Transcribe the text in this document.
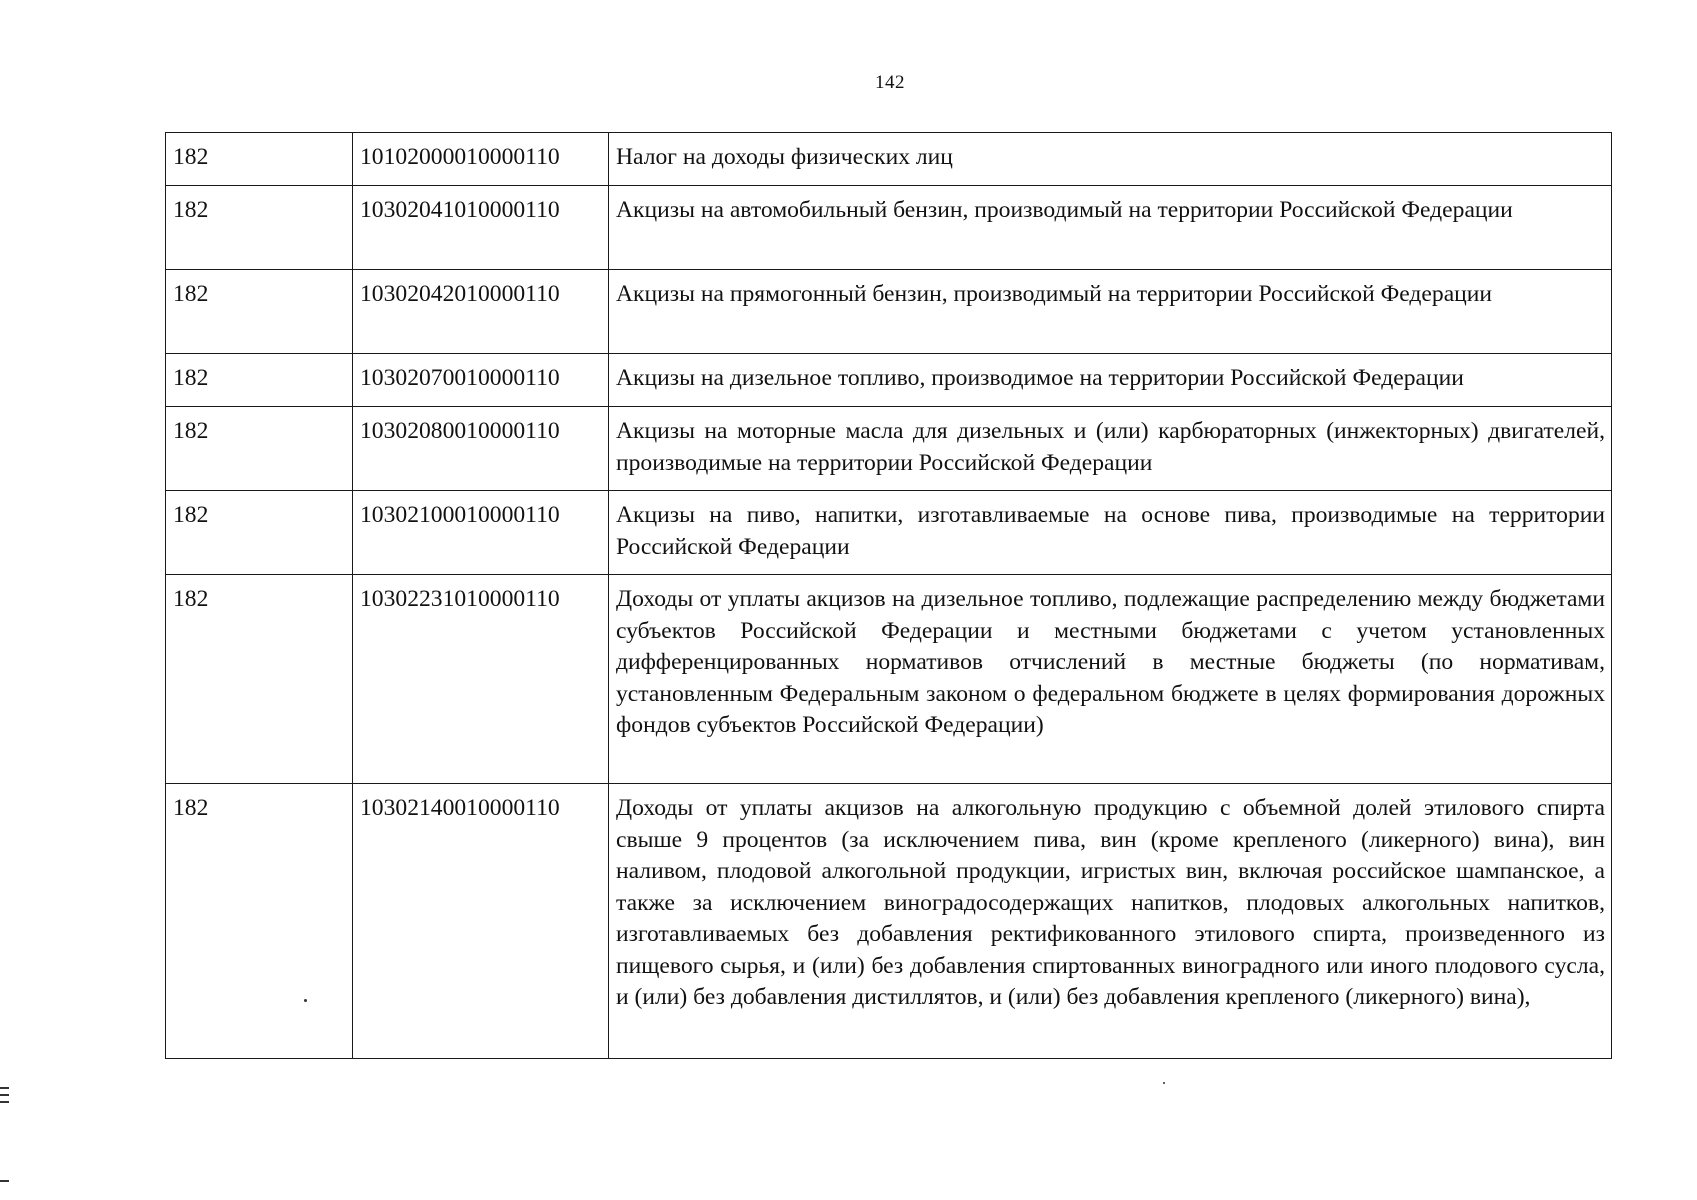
142
182	10102000010000110	Налог на доходы физических лиц
182	10302041010000110	Акцизы на автомобильный бензин, производимый на территории Российской Федерации
182	10302042010000110	Акцизы на прямогонный бензин, производимый на территории Российской Федерации
182	10302070010000110	Акцизы на дизельное топливо, производимое на территории Российской Федерации
182	10302080010000110	Акцизы на моторные масла для дизельных и (или) карбюраторных (инжекторных) двигателей, производимые на территории Российской Федерации
182	10302100010000110	Акцизы на пиво, напитки, изготавливаемые на основе пива, производимые на территории Российской Федерации
182	10302231010000110	Доходы от уплаты акцизов на дизельное топливо, подлежащие распределению между бюджетами субъектов Российской Федерации и местными бюджетами с учетом установленных дифференцированных нормативов отчислений в местные бюджеты (по нормативам, установленным Федеральным законом о федеральном бюджете в целях формирования дорожных фондов субъектов Российской Федерации)
182	10302140010000110	Доходы от уплаты акцизов на алкогольную продукцию с объемной долей этилового спирта свыше 9 процентов (за исключением пива, вин (кроме крепленого (ликерного) вина), вин наливом, плодовой алкогольной продукции, игристых вин, включая российское шампанское, а также за исключением виноградосодержащих напитков, плодовых алкогольных напитков, изготавливаемых без добавления ректификованного этилового спирта, произведенного из пищевого сырья, и (или) без добавления спиртованных виноградного или иного плодового сусла, и (или) без добавления дистиллятов, и (или) без добавления крепленого (ликерного) вина),
